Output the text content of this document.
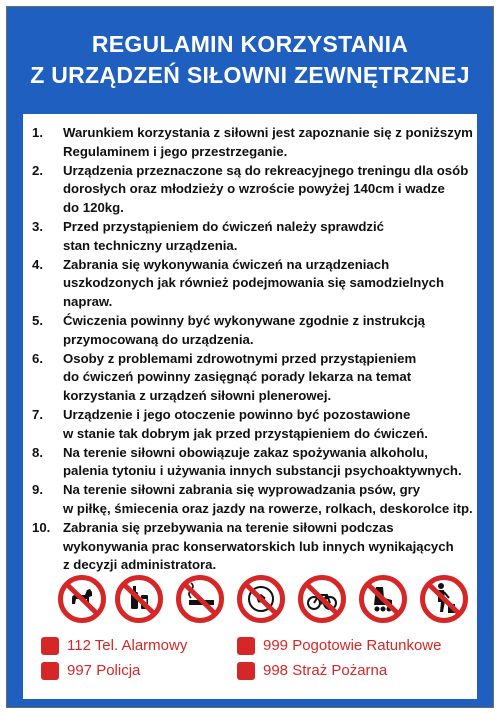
REGULAMIN KORZYSTANIA
Z URZĄDZEŃ SIŁOWNI ZEWNĘTRZNEJ
1.	Warunkiem korzystania z siłowni jest zapoznanie się z poniższym
Regulaminem i jego przestrzeganie.
2.	Urządzenia przeznaczone są do rekreacyjnego treningu dla osób
dorosłych oraz młodzieży o wzroście powyżej 140cm i wadze
do 120kg.
3.	Przed przystąpieniem do ćwiczeń należy sprawdzić
stan techniczny urządzenia.
4.	Zabrania się wykonywania ćwiczeń na urządzeniach
uszkodzonych jak również podejmowania się samodzielnych
napraw.
5.	Ćwiczenia powinny być wykonywane zgodnie z instrukcją
przymocowaną do urządzenia.
6.	Osoby z problemami zdrowotnymi przed przystąpieniem
do ćwiczeń powinny zasięgnąć porady lekarza na temat
korzystania z urządzeń siłowni plenerowej.
7.	Urządzenie i jego otoczenie powinno być pozostawione
w stanie tak dobrym jak przed przystąpieniem do ćwiczeń.
8.	Na terenie siłowni obowiązuje zakaz spożywania alkoholu,
palenia tytoniu i używania innych substancji psychoaktywnych.
9.	Na terenie siłowni zabrania się wyprowadzania psów, gry
w piłkę, śmiecenia oraz jazdy na rowerze, rolkach, deskorolce itp.
10. Zabrania się przebywania na terenie siłowni podczas
wykonywania prac konserwatorskich lub innych wynikających
z decyzji administratora.
112 Tel. Alarmowy	999 Pogotowie Ratunkowe
997 Policja	998 Straż Pożarna
